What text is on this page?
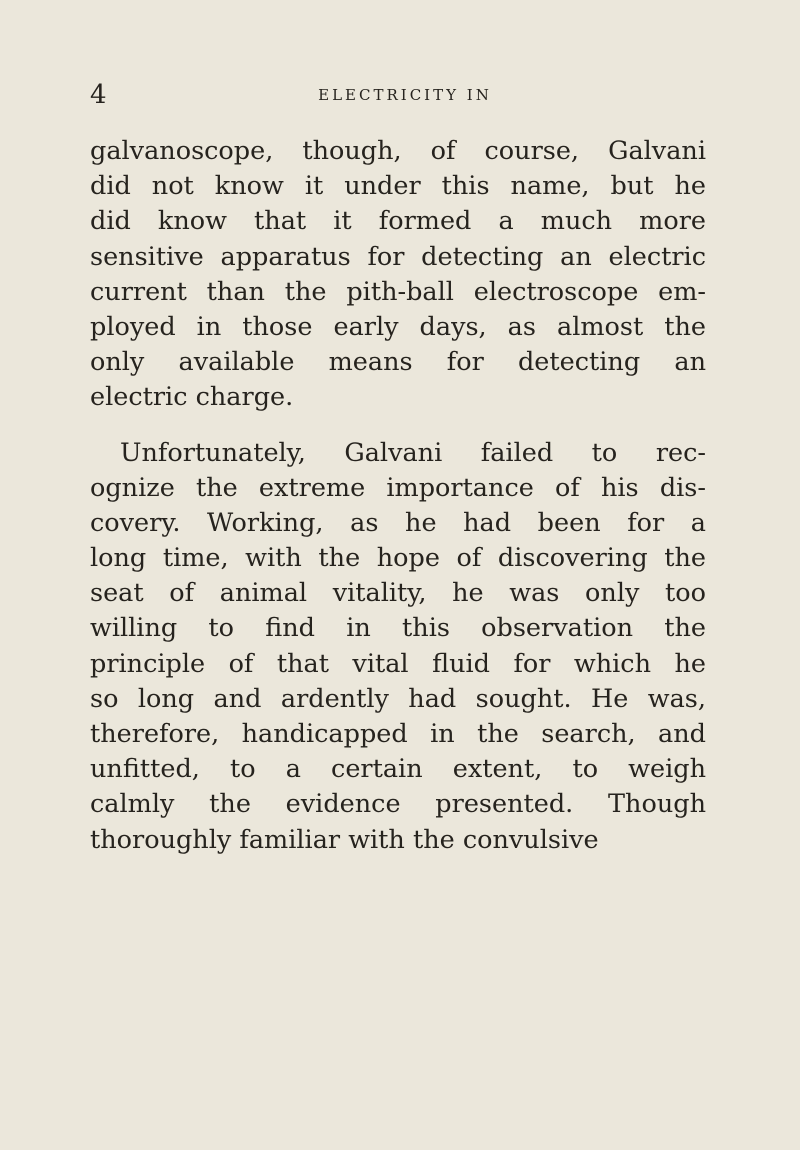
4	ELECTRICITY IN
galvanoscope, though, of course, Galvani
did not know it under this name, but he
did know that it formed a much more
sensitive apparatus for detecting an electric
current than the pith-ball electroscope em-
ployed in those early days, as almost the
only available means for detecting an
electric charge.
Unfortunately, Galvani failed to rec-
ognize the extreme importance of his dis-
covery. Working, as he had been for a
long time, with the hope of discovering the
seat of animal vitality, he was only too
willing to find in this observation the
principle of that vital fluid for which he
so long and ardently had sought. He was,
therefore, handicapped in the search, and
unfitted, to a certain extent, to weigh
calmly the evidence presented. Though
thoroughly familiar with the convulsive
